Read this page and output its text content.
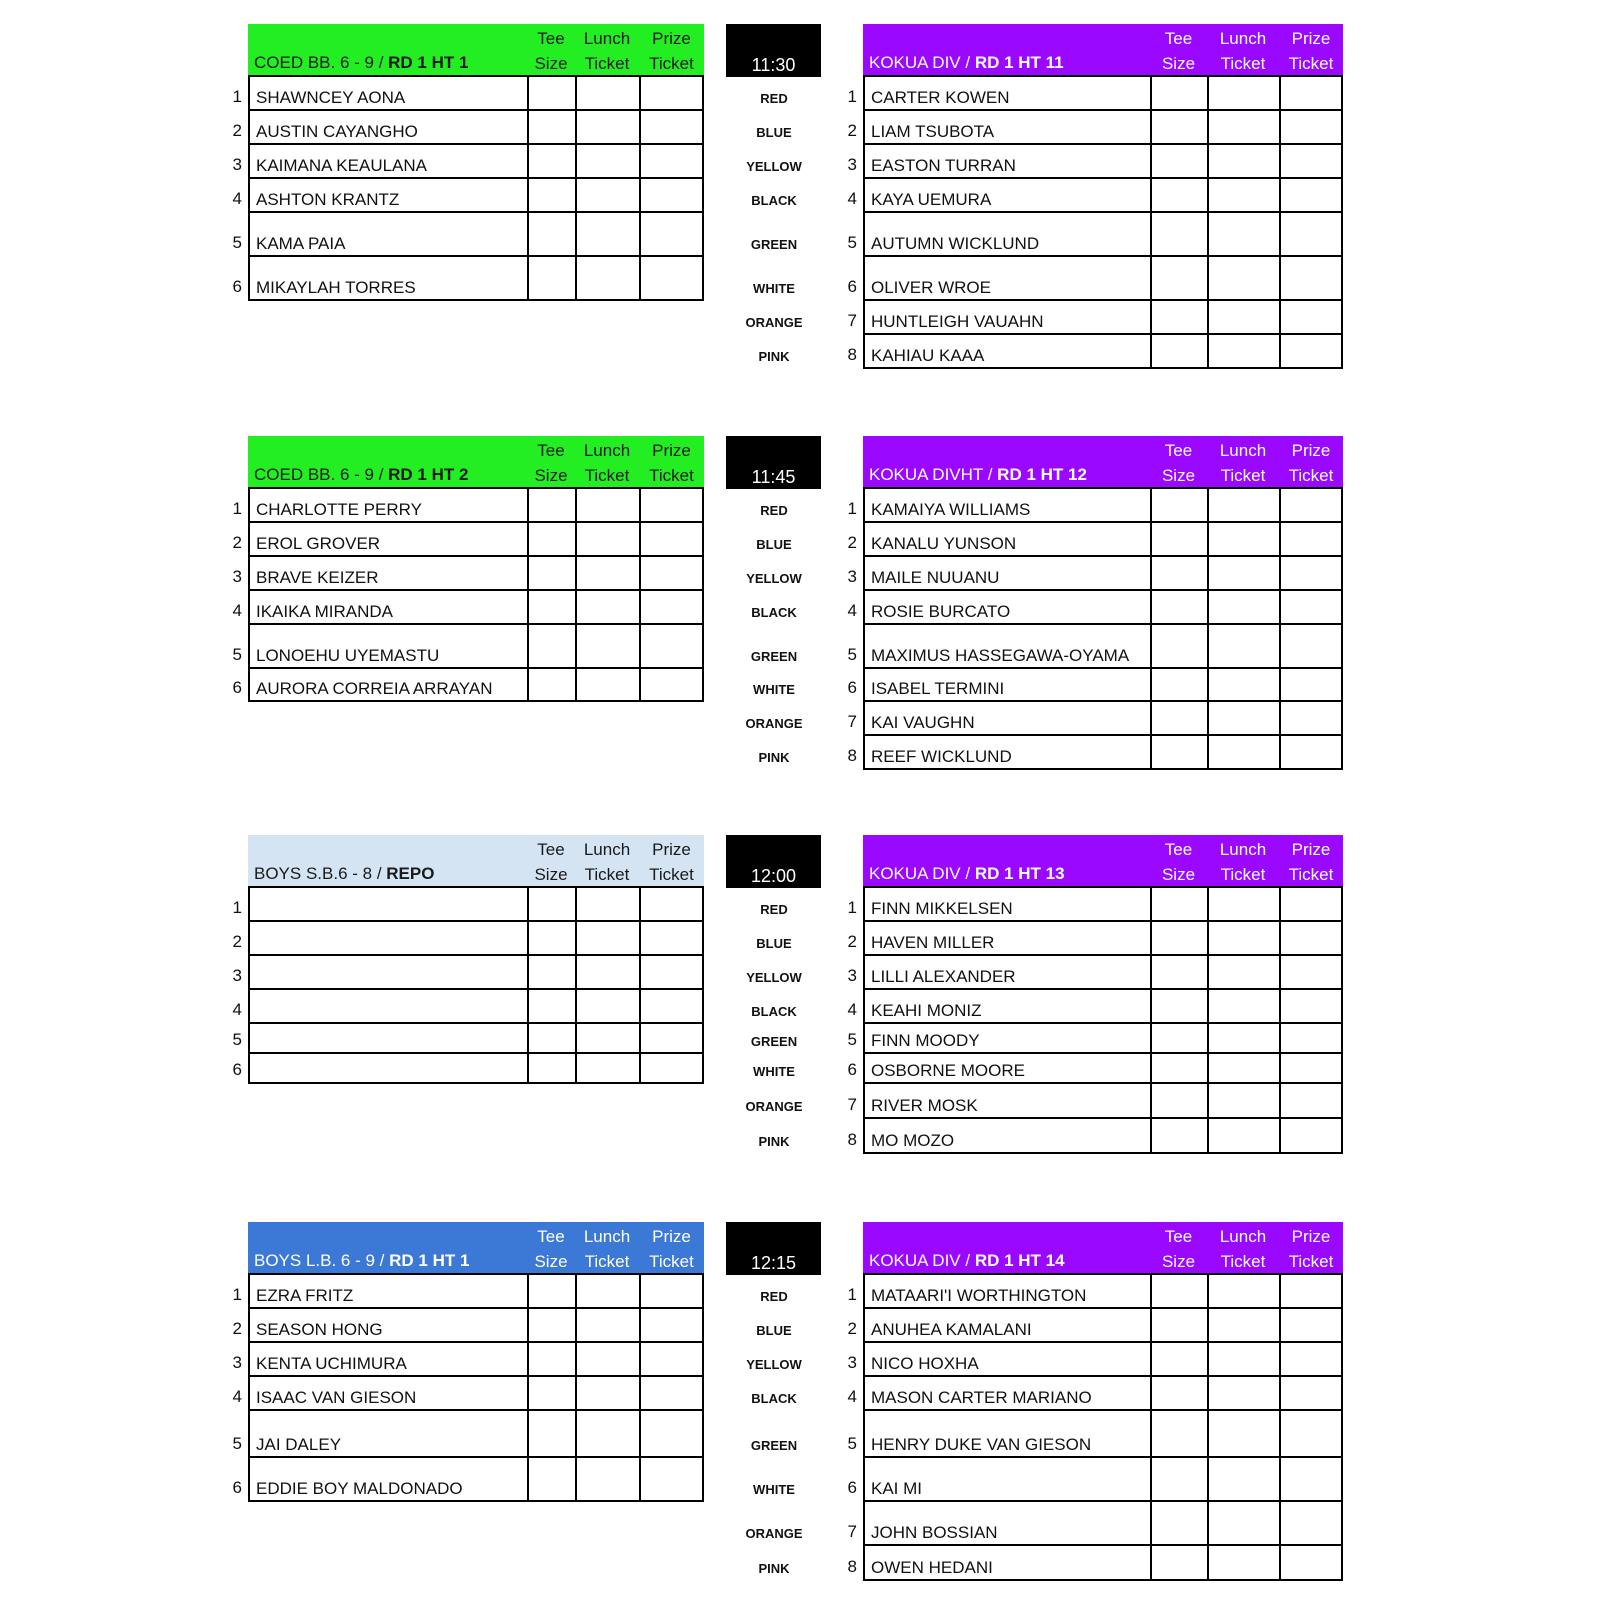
COED BB. 6 - 9 / RD 1 HT 1
Tee
Size
Lunch
Ticket
Prize
Ticket
SHAWNCEY AONA
1
AUSTIN CAYANGHO
2
KAIMANA KEAULANA
3
ASHTON KRANTZ
4
KAMA PAIA
5
MIKAYLAH TORRES
6
KOKUA DIV / RD 1 HT 11
Tee
Size
Lunch
Ticket
Prize
Ticket
CARTER KOWEN
1
LIAM TSUBOTA
2
EASTON TURRAN
3
KAYA UEMURA
4
AUTUMN WICKLUND
5
OLIVER WROE
6
HUNTLEIGH VAUAHN
7
KAHIAU KAAA
8
11:30
RED
BLUE
YELLOW
BLACK
GREEN
WHITE
ORANGE
PINK
COED BB. 6 - 9 / RD 1 HT 2
Tee
Size
Lunch
Ticket
Prize
Ticket
CHARLOTTE PERRY
1
EROL GROVER
2
BRAVE KEIZER
3
IKAIKA MIRANDA
4
LONOEHU UYEMASTU
5
AURORA CORREIA ARRAYAN
6
KOKUA DIVHT / RD 1 HT 12
Tee
Size
Lunch
Ticket
Prize
Ticket
KAMAIYA WILLIAMS
1
KANALU YUNSON
2
MAILE NUUANU
3
ROSIE BURCATO
4
MAXIMUS HASSEGAWA-OYAMA
5
ISABEL TERMINI
6
KAI VAUGHN
7
REEF WICKLUND
8
11:45
RED
BLUE
YELLOW
BLACK
GREEN
WHITE
ORANGE
PINK
BOYS S.B.6 - 8 / REPO
Tee
Size
Lunch
Ticket
Prize
Ticket
1
2
3
4
5
6
KOKUA DIV / RD 1 HT 13
Tee
Size
Lunch
Ticket
Prize
Ticket
FINN MIKKELSEN
1
HAVEN MILLER
2
LILLI ALEXANDER
3
KEAHI MONIZ
4
FINN MOODY
5
OSBORNE MOORE
6
RIVER MOSK
7
MO MOZO
8
12:00
RED
BLUE
YELLOW
BLACK
GREEN
WHITE
ORANGE
PINK
BOYS L.B. 6 - 9 / RD 1 HT 1
Tee
Size
Lunch
Ticket
Prize
Ticket
EZRA FRITZ
1
SEASON HONG
2
KENTA UCHIMURA
3
ISAAC VAN GIESON
4
JAI DALEY
5
EDDIE BOY MALDONADO
6
KOKUA DIV / RD 1 HT 14
Tee
Size
Lunch
Ticket
Prize
Ticket
MATAARI'I WORTHINGTON
1
ANUHEA KAMALANI
2
NICO HOXHA
3
MASON CARTER MARIANO
4
HENRY DUKE VAN GIESON
5
KAI MI
6
JOHN BOSSIAN
7
OWEN HEDANI
8
12:15
RED
BLUE
YELLOW
BLACK
GREEN
WHITE
ORANGE
PINK
